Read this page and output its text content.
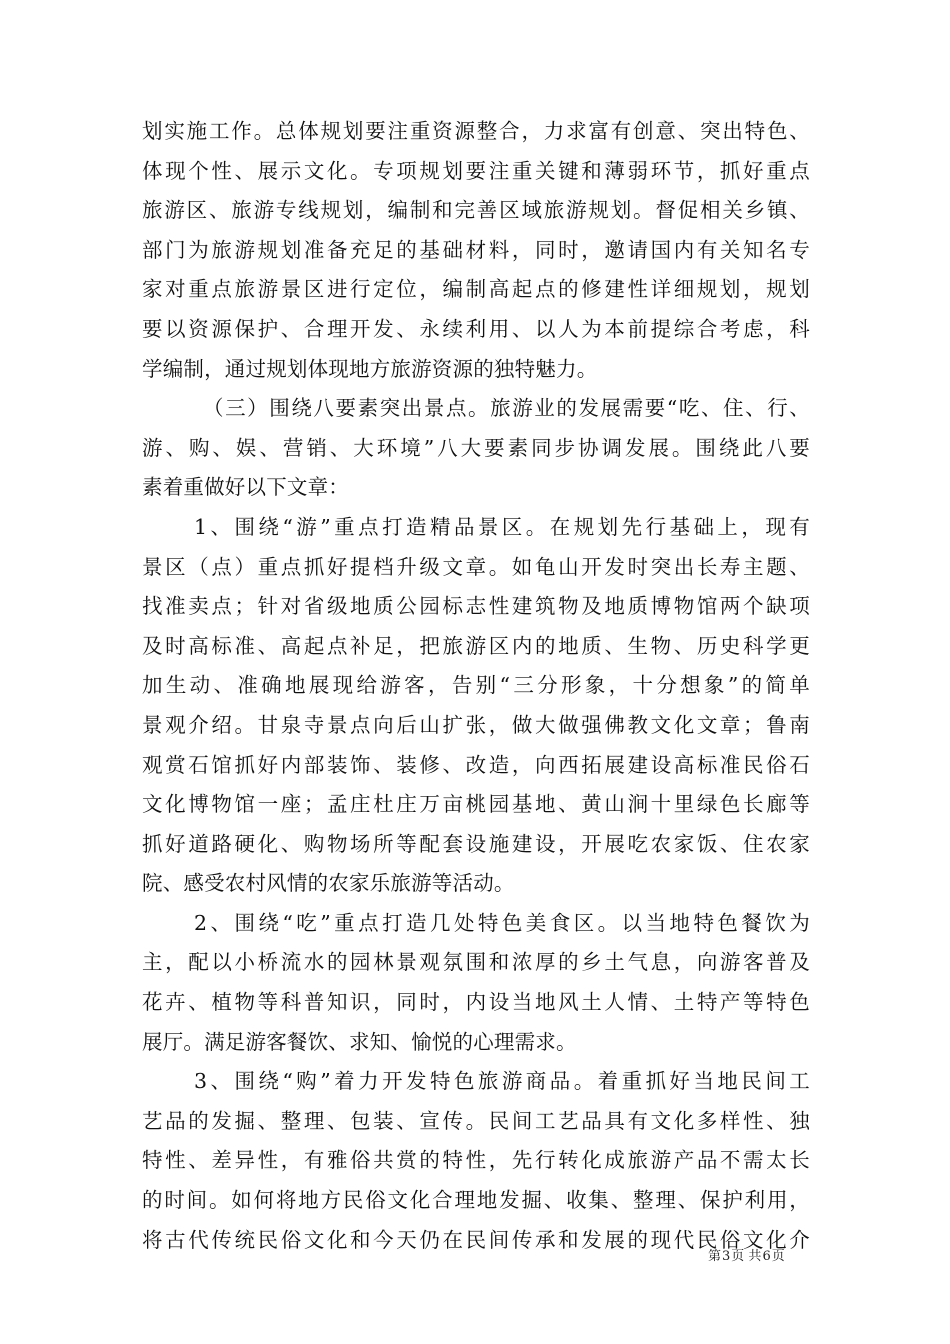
划实施工作。总体规划要注重资源整合，力求富有创意、突出特色、
体现个性、展示文化。专项规划要注重关键和薄弱环节，抓好重点
旅游区、旅游专线规划，编制和完善区域旅游规划。督促相关乡镇、
部门为旅游规划准备充足的基础材料，同时，邀请国内有关知名专
家对重点旅游景区进行定位，编制高起点的修建性详细规划，规划
要以资源保护、合理开发、永续利用、以人为本前提综合考虑，科
学编制，通过规划体现地方旅游资源的独特魅力。
（三）围绕八要素突出景点。旅游业的发展需要“吃、住、行、
游、购、娱、营销、大环境”八大要素同步协调发展。围绕此八要
素着重做好以下文章：
1、围绕“游”重点打造精品景区。在规划先行基础上，现有
景区（点）重点抓好提档升级文章。如龟山开发时突出长寿主题、
找准卖点；针对省级地质公园标志性建筑物及地质博物馆两个缺项
及时高标准、高起点补足，把旅游区内的地质、生物、历史科学更
加生动、准确地展现给游客，告别“三分形象，十分想象”的简单
景观介绍。甘泉寺景点向后山扩张，做大做强佛教文化文章；鲁南
观赏石馆抓好内部装饰、装修、改造，向西拓展建设高标准民俗石
文化博物馆一座；孟庄杜庄万亩桃园基地、黄山涧十里绿色长廊等
抓好道路硬化、购物场所等配套设施建设，开展吃农家饭、住农家
院、感受农村风情的农家乐旅游等活动。
2、围绕“吃”重点打造几处特色美食区。以当地特色餐饮为
主，配以小桥流水的园林景观氛围和浓厚的乡土气息，向游客普及
花卉、植物等科普知识，同时，内设当地风土人情、土特产等特色
展厅。满足游客餐饮、求知、愉悦的心理需求。
3、围绕“购”着力开发特色旅游商品。着重抓好当地民间工
艺品的发掘、整理、包装、宣传。民间工艺品具有文化多样性、独
特性、差异性，有雅俗共赏的特性，先行转化成旅游产品不需太长
的时间。如何将地方民俗文化合理地发掘、收集、整理、保护利用，
将古代传统民俗文化和今天仍在民间传承和发展的现代民俗文化介
第3页 共6页
